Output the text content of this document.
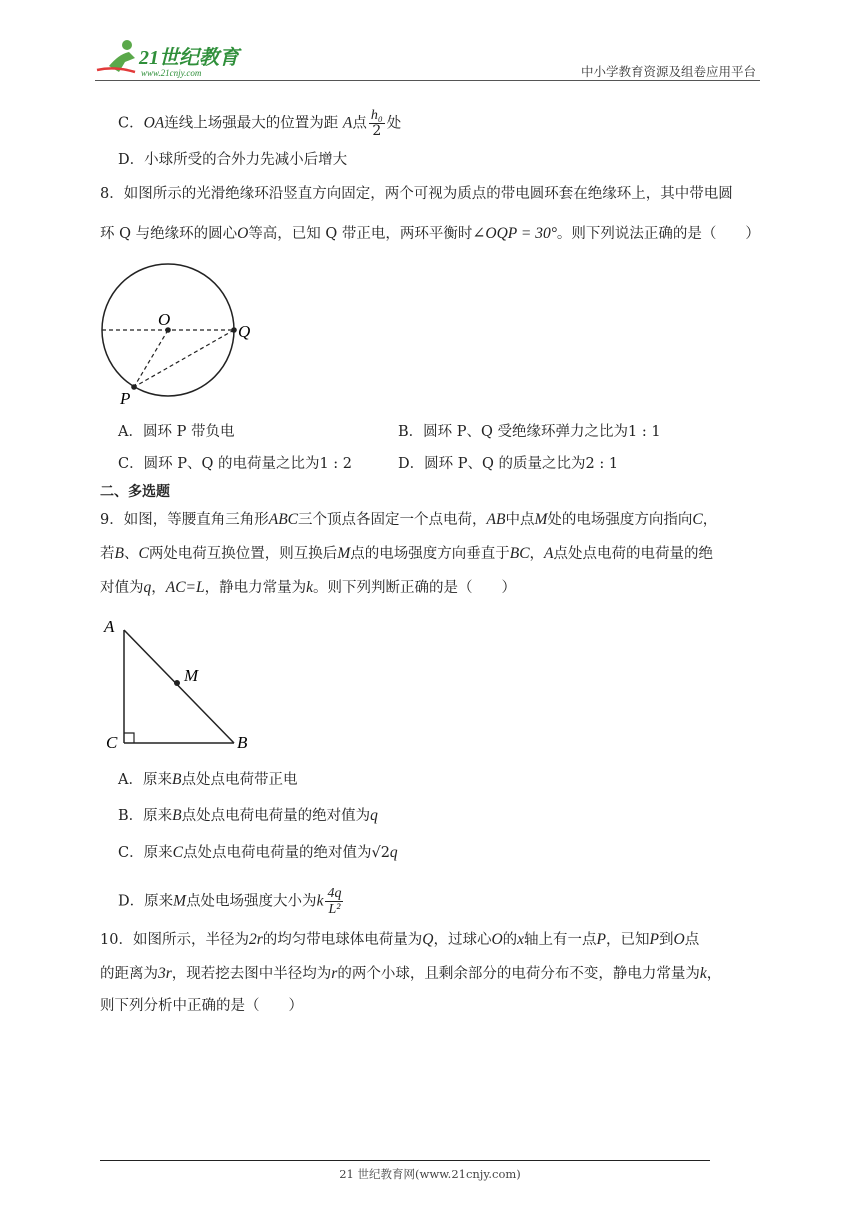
21世纪教育
www.21cnjy.com	中小学教育资源及组卷应用平台
C．OA连线上场强最大的位置为距 A点 $\frac{\text{h₀}}{2}$ 处
D．小球所受的合外力先减小后增大
8．如图所示的光滑绝缘环沿竖直方向固定，两个可视为质点的带电圆环套在绝缘环上，其中带电圆
环 Q 与绝缘环的圆心O等高，已知 Q 带正电，两环平衡时∠OQP = 30°。则下列说法正确的是（　　）
O
Q
P
A．圆环 P 带负电	B．圆环 P、Q 受绝缘环弹力之比为1 : 1
C．圆环 P、Q 的电荷量之比为1 : 2	D．圆环 P、Q 的质量之比为2 : 1
二、多选题
9．如图，等腰直角三角形ABC三个顶点各固定一个点电荷，AB中点M处的电场强度方向指向C，
若B、C两处电荷互换位置，则互换后M点的电场强度方向垂直于BC，A点处点电荷的电荷量的绝
对值为q，AC=L，静电力常量为k。则下列判断正确的是（　　）
A
M
C	B
A．原来B点处点电荷带正电
B．原来B点处点电荷电荷量的绝对值为q
C．原来C点处点电荷电荷量的绝对值为√2q
D．原来M点处电场强度大小为k $\frac{4q}{\text{L²}}$
10．如图所示，半径为2r的均匀带电球体电荷量为Q，过球心O的x轴上有一点P，已知P到O点
的距离为3r，现若挖去图中半径均为r的两个小球，且剩余部分的电荷分布不变，静电力常量为k，
则下列分析中正确的是（　　）
21 世纪教育网(www.21cnjy.com)
